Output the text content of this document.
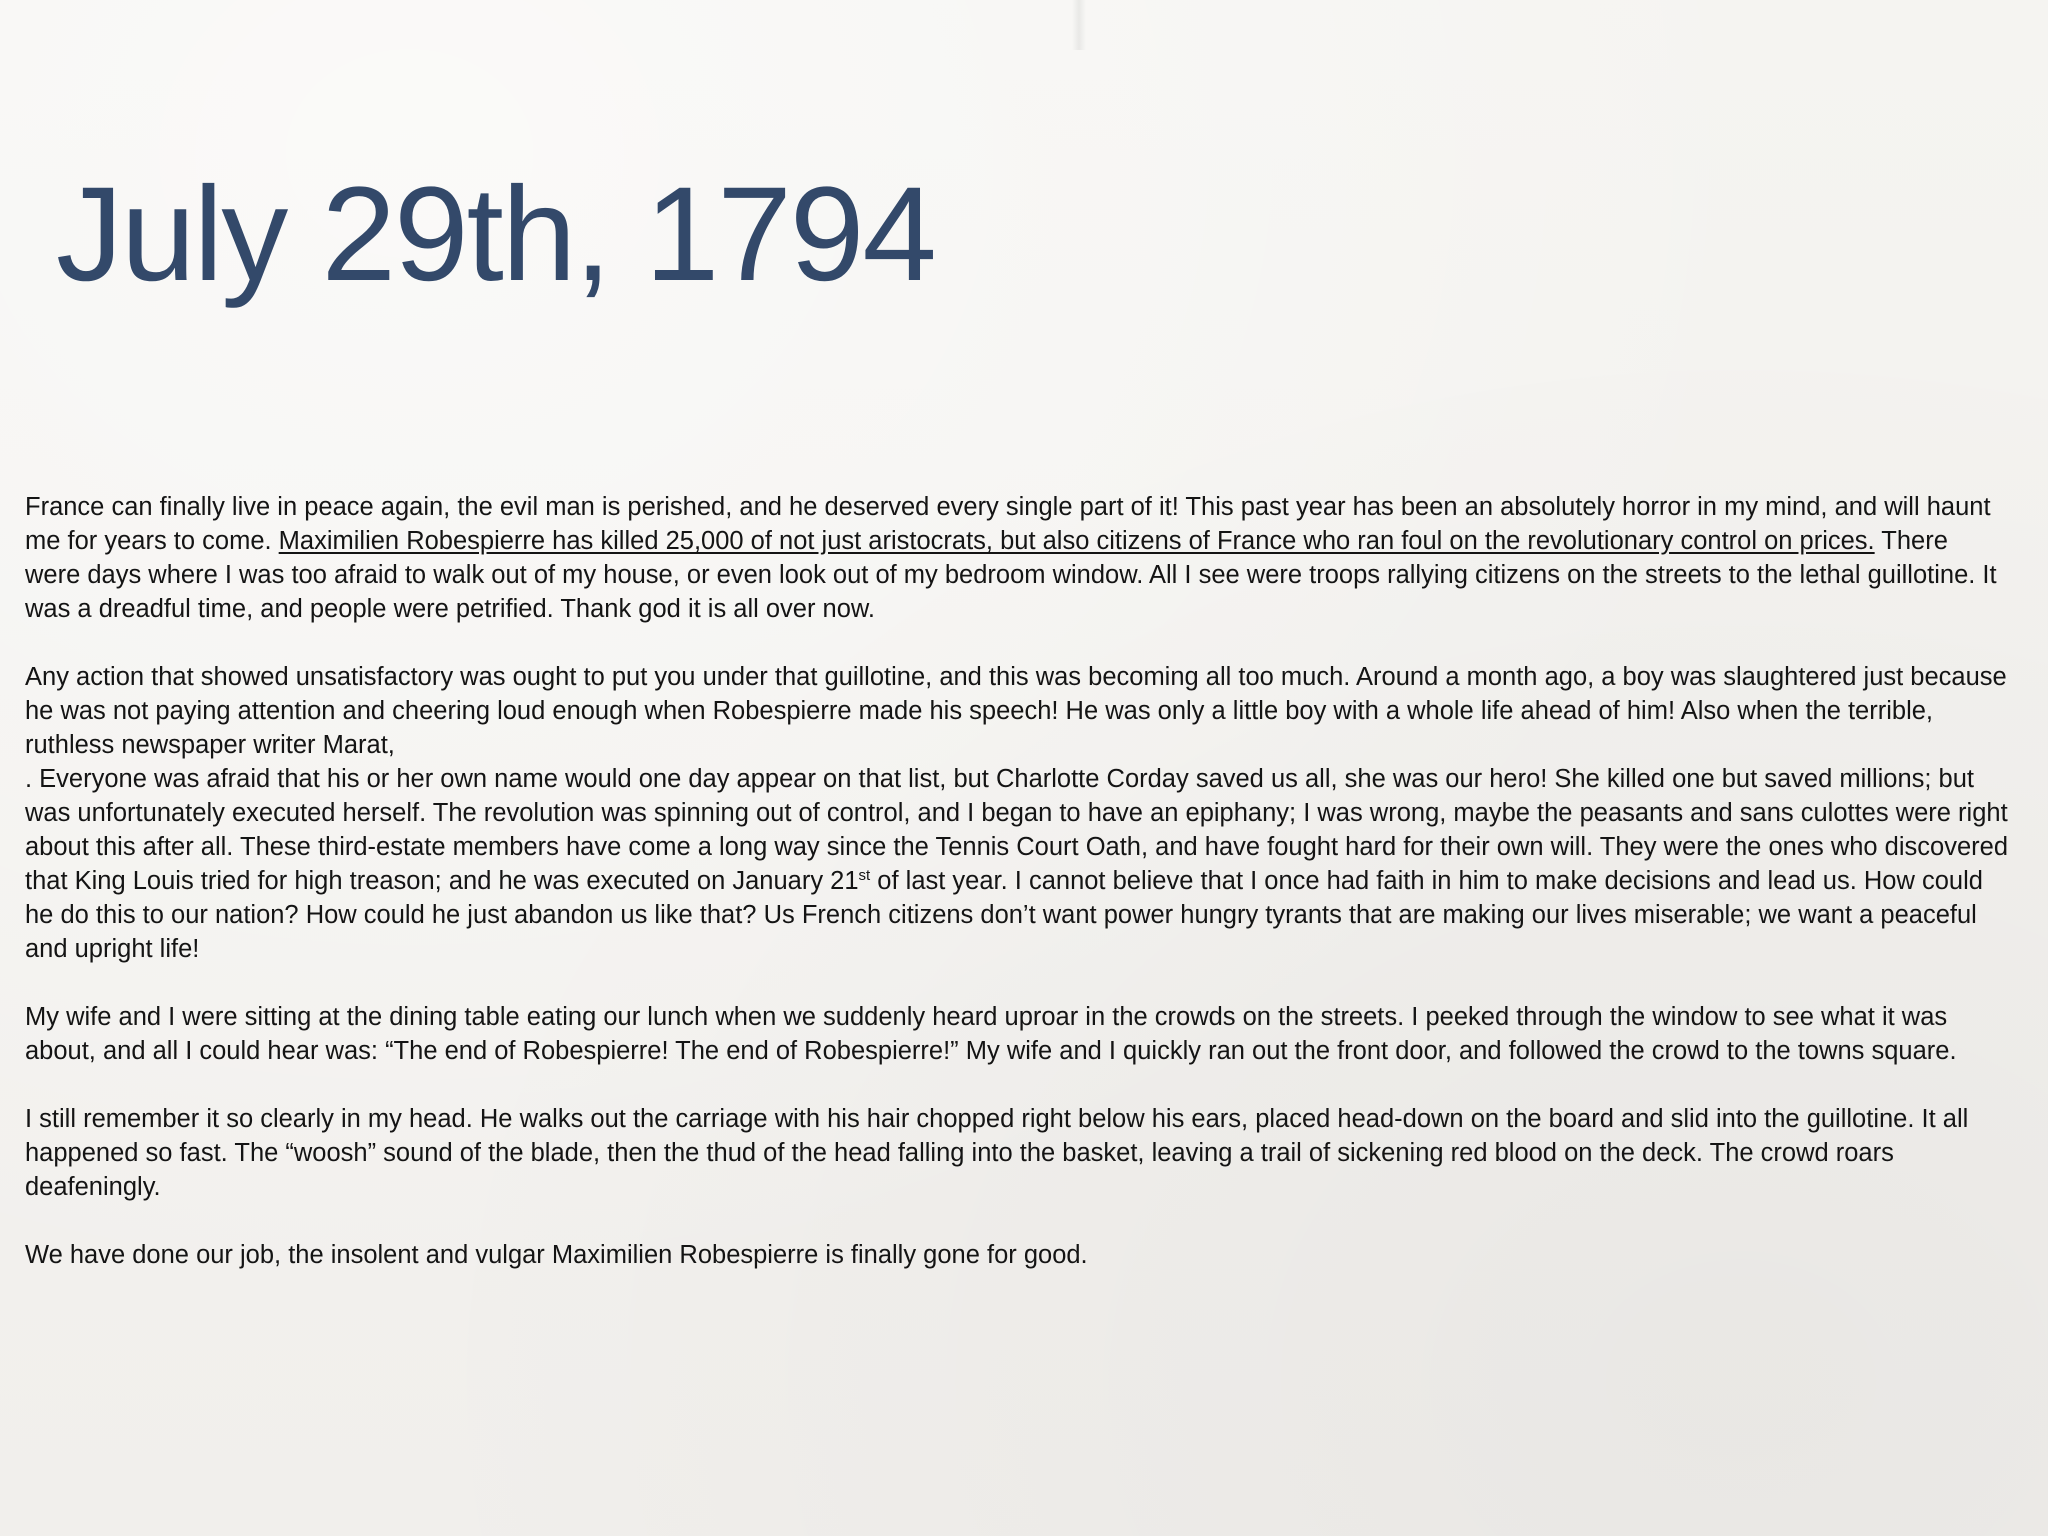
July 29th, 1794

France can finally live in peace again, the evil man is perished, and he deserved every single part of it! This past year has been an absolutely horror in my mind, and will haunt me for years to come. Maximilien Robespierre has killed 25,000 of not just aristocrats, but also citizens of France who ran foul on the revolutionary control on prices. There were days where I was too afraid to walk out of my house, or even look out of my bedroom window. All I see were troops rallying citizens on the streets to the lethal guillotine. It was a dreadful time, and people were petrified. Thank god it is all over now.

Any action that showed unsatisfactory was ought to put you under that guillotine, and this was becoming all too much. Around a month ago, a boy was slaughtered just because he was not paying attention and cheering loud enough when Robespierre made his speech! He was only a little boy with a whole life ahead of him! Also when the terrible, ruthless newspaper writer Marat,
. Everyone was afraid that his or her own name would one day appear on that list, but Charlotte Corday saved us all, she was our hero! She killed one but saved millions; but was unfortunately executed herself. The revolution was spinning out of control, and I began to have an epiphany; I was wrong, maybe the peasants and sans culottes were right about this after all. These third-estate members have come a long way since the Tennis Court Oath, and have fought hard for their own will. They were the ones who discovered that King Louis tried for high treason; and he was executed on January 21st of last year. I cannot believe that I once had faith in him to make decisions and lead us. How could he do this to our nation? How could he just abandon us like that? Us French citizens don’t want power hungry tyrants that are making our lives miserable; we want a peaceful and upright life!

My wife and I were sitting at the dining table eating our lunch when we suddenly heard uproar in the crowds on the streets. I peeked through the window to see what it was about, and all I could hear was: “The end of Robespierre! The end of Robespierre!” My wife and I quickly ran out the front door, and followed the crowd to the towns square.

I still remember it so clearly in my head. He walks out the carriage with his hair chopped right below his ears, placed head-down on the board and slid into the guillotine. It all happened so fast. The “woosh” sound of the blade, then the thud of the head falling into the basket, leaving a trail of sickening red blood on the deck. The crowd roars deafeningly.

We have done our job, the insolent and vulgar Maximilien Robespierre is finally gone for good.
